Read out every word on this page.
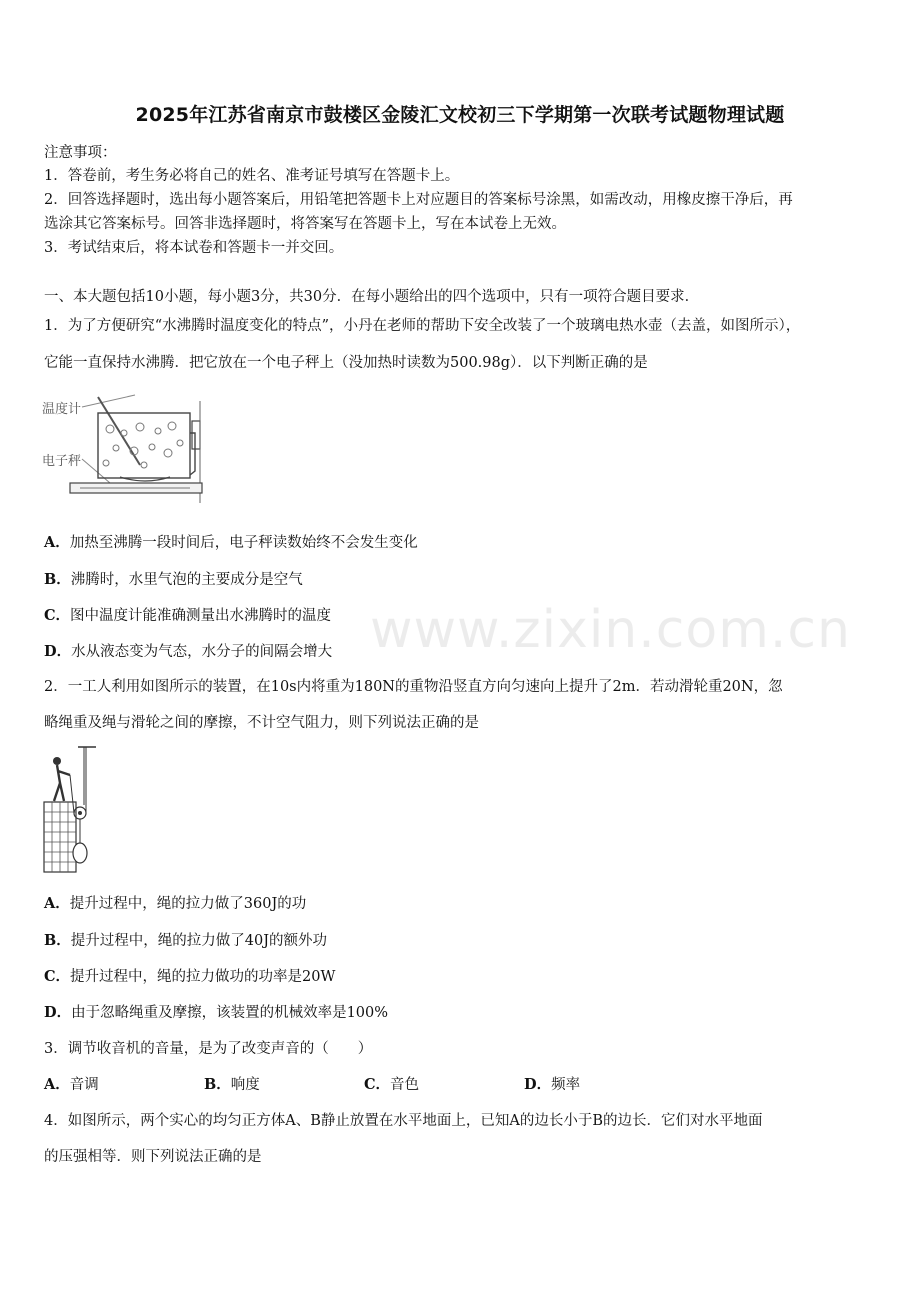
2025年江苏省南京市鼓楼区金陵汇文校初三下学期第一次联考试题物理试题
注意事项：
1．答卷前，考生务必将自己的姓名、准考证号填写在答题卡上。
2．回答选择题时，选出每小题答案后，用铅笔把答题卡上对应题目的答案标号涂黑，如需改动，用橡皮擦干净后，再
选涂其它答案标号。回答非选择题时，将答案写在答题卡上，写在本试卷上无效。
3．考试结束后，将本试卷和答题卡一并交回。
一、本大题包括10小题，每小题3分，共30分．在每小题给出的四个选项中，只有一项符合题目要求．
1．为了方便研究“水沸腾时温度变化的特点”，小丹在老师的帮助下安全改装了一个玻璃电热水壶（去盖，如图所示），
它能一直保持水沸腾．把它放在一个电子秤上（没加热时读数为500.98g）．以下判断正确的是
温度计
电子秤
A．加热至沸腾一段时间后，电子秤读数始终不会发生变化
B．沸腾时，水里气泡的主要成分是空气
C．图中温度计能准确测量出水沸腾时的温度
D．水从液态变为气态，水分子的间隔会增大 www.zixin.com.cn
2．一工人利用如图所示的装置，在10s内将重为180N的重物沿竖直方向匀速向上提升了2m．若动滑轮重20N，忽
略绳重及绳与滑轮之间的摩擦，不计空气阻力，则下列说法正确的是
A．提升过程中，绳的拉力做了360J的功
B．提升过程中，绳的拉力做了40J的额外功
C．提升过程中，绳的拉力做功的功率是20W
D．由于忽略绳重及摩擦，该装置的机械效率是100%
3．调节收音机的音量，是为了改变声音的（　　）
A．音调	B．响度	C．音色	D．频率
4．如图所示，两个实心的均匀正方体A、B静止放置在水平地面上，已知A的边长小于B的边长．它们对水平地面
的压强相等．则下列说法正确的是
